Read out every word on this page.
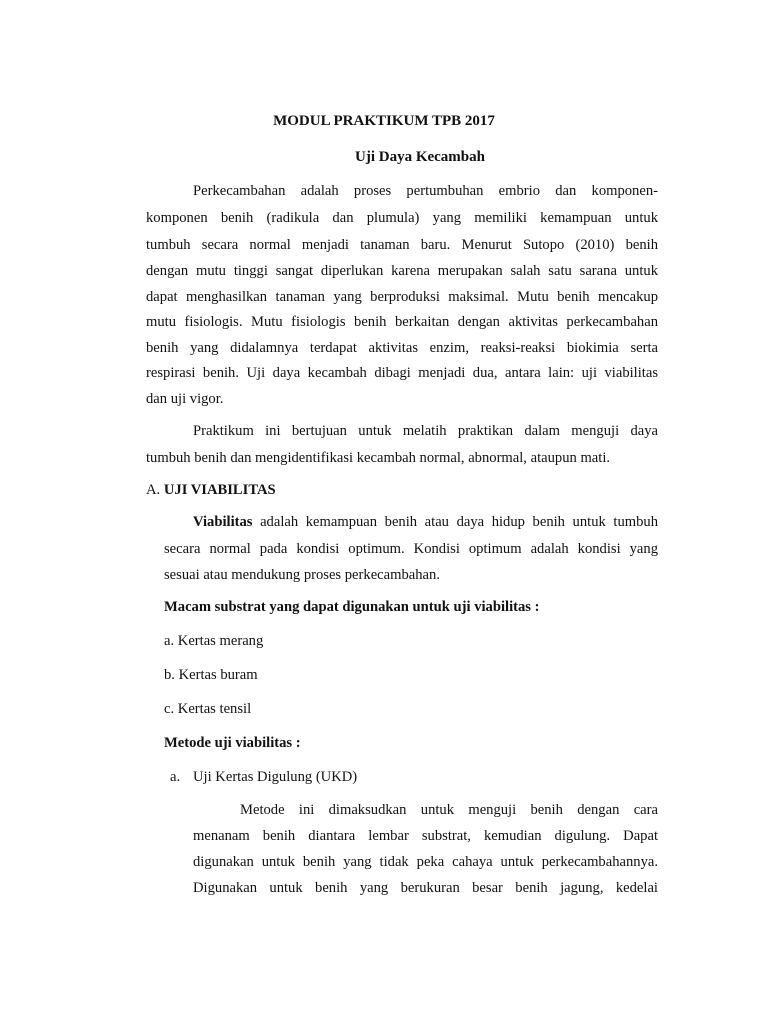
MODUL PRAKTIKUM TPB 2017
Uji Daya Kecambah
Perkecambahan adalah proses pertumbuhan embrio dan komponen-
komponen benih (radikula dan plumula) yang memiliki kemampuan untuk
tumbuh secara normal menjadi tanaman baru. Menurut Sutopo (2010) benih
dengan mutu tinggi sangat diperlukan karena merupakan salah satu sarana untuk
dapat menghasilkan tanaman yang berproduksi maksimal. Mutu benih mencakup
mutu fisiologis. Mutu fisiologis benih berkaitan dengan aktivitas perkecambahan
benih yang didalamnya terdapat aktivitas enzim, reaksi-reaksi biokimia serta
respirasi benih. Uji daya kecambah dibagi menjadi dua, antara lain: uji viabilitas
dan uji vigor.
Praktikum ini bertujuan untuk melatih praktikan dalam menguji daya
tumbuh benih dan mengidentifikasi kecambah normal, abnormal, ataupun mati.
A. UJI VIABILITAS
Viabilitas adalah kemampuan benih atau daya hidup benih untuk tumbuh
secara normal pada kondisi optimum. Kondisi optimum adalah kondisi yang
sesuai atau mendukung proses perkecambahan.
Macam substrat yang dapat digunakan untuk uji viabilitas :
a. Kertas merang
b. Kertas buram
c. Kertas tensil
Metode uji viabilitas :
a. Uji Kertas Digulung (UKD)
Metode ini dimaksudkan untuk menguji benih dengan cara
menanam benih diantara lembar substrat, kemudian digulung. Dapat
digunakan untuk benih yang tidak peka cahaya untuk perkecambahannya.
Digunakan untuk benih yang berukuran besar benih jagung, kedelai
